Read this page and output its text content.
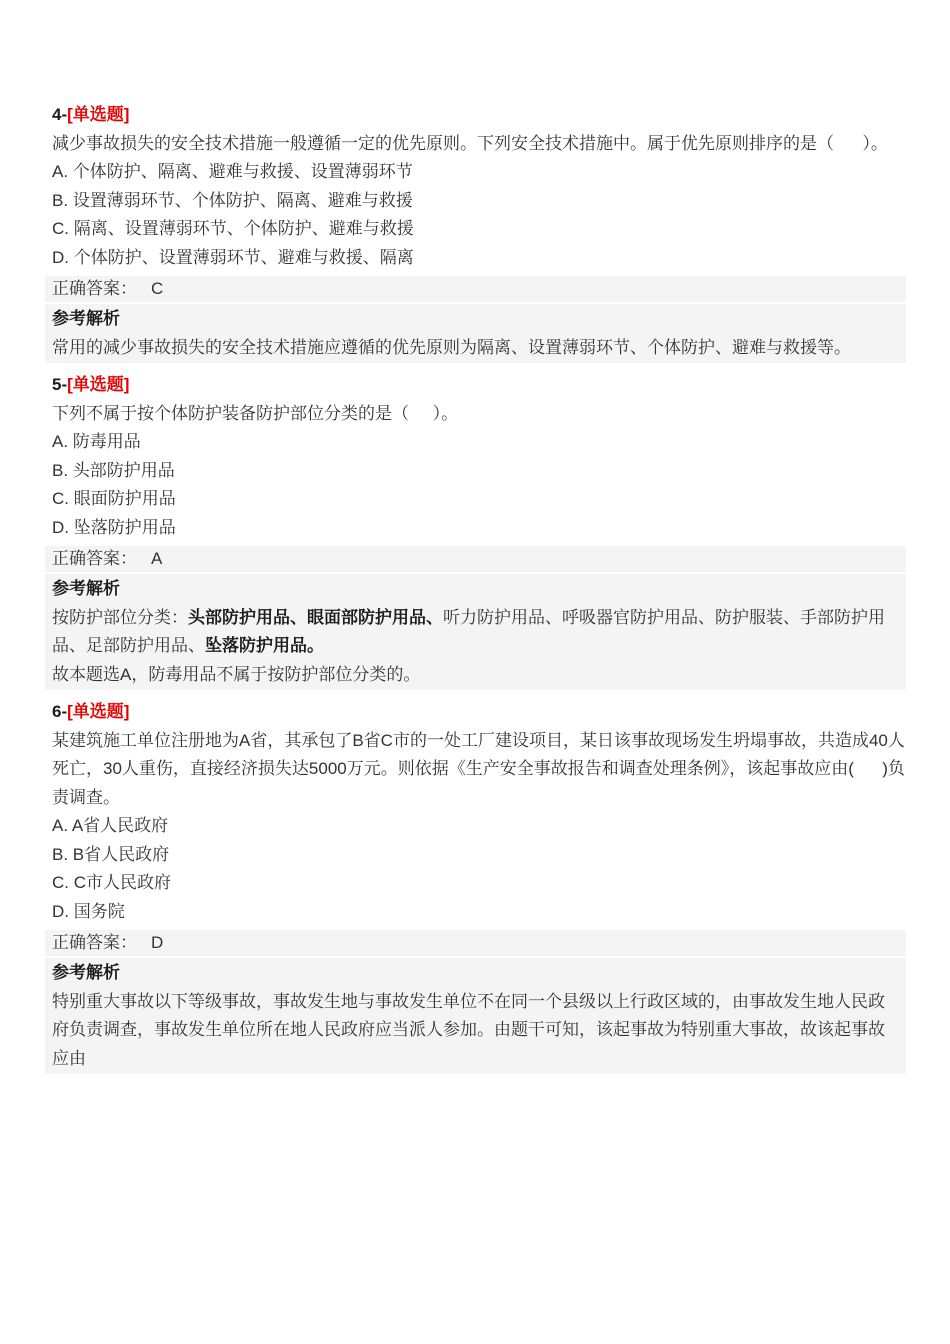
4-[单选题]
减少事故损失的安全技术措施一般遵循一定的优先原则。下列安全技术措施中。属于优先原则排序的是（      ）。
A. 个体防护、隔离、避难与救援、设置薄弱环节
B. 设置薄弱环节、个体防护、隔离、避难与救援
C. 隔离、设置薄弱环节、个体防护、避难与救援
D. 个体防护、设置薄弱环节、避难与救援、隔离
正确答案： C
参考解析
常用的减少事故损失的安全技术措施应遵循的优先原则为隔离、设置薄弱环节、个体防护、避难与救援等。
5-[单选题]
下列不属于按个体防护装备防护部位分类的是（     ）。
A. 防毒用品
B. 头部防护用品
C. 眼面防护用品
D. 坠落防护用品
正确答案： A
参考解析
按防护部位分类：头部防护用品、眼面部防护用品、听力防护用品、呼吸器官防护用品、防护服装、手部防护用品、足部防护用品、坠落防护用品。
故本题选A，防毒用品不属于按防护部位分类的。
6-[单选题]
某建筑施工单位注册地为A省，其承包了B省C市的一处工厂建设项目，某日该事故现场发生坍塌事故，共造成40人死亡，30人重伤，直接经济损失达5000万元。则依据《生产安全事故报告和调查处理条例》，该起事故应由(      )负责调查。
A. A省人民政府
B. B省人民政府
C. C市人民政府
D. 国务院
正确答案： D
参考解析
特别重大事故以下等级事故，事故发生地与事故发生单位不在同一个县级以上行政区域的，由事故发生地人民政府负责调查，事故发生单位所在地人民政府应当派人参加。由题干可知，该起事故为特别重大事故，故该起事故应由
